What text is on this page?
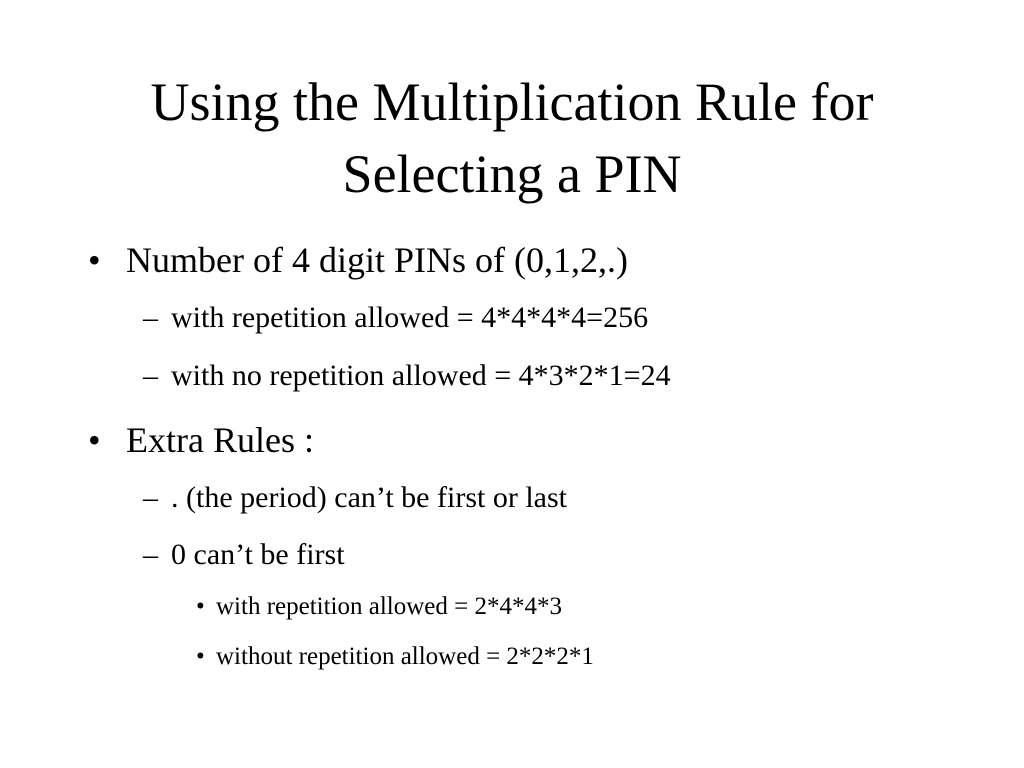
Using the Multiplication Rule for
Selecting a PIN
• Number of 4 digit PINs of (0,1,2,.)
– with repetition allowed = 4*4*4*4=256
– with no repetition allowed = 4*3*2*1=24
• Extra Rules :
– . (the period) can’t be first or last
– 0 can’t be first
• with repetition allowed = 2*4*4*3
• without repetition allowed = 2*2*2*1
